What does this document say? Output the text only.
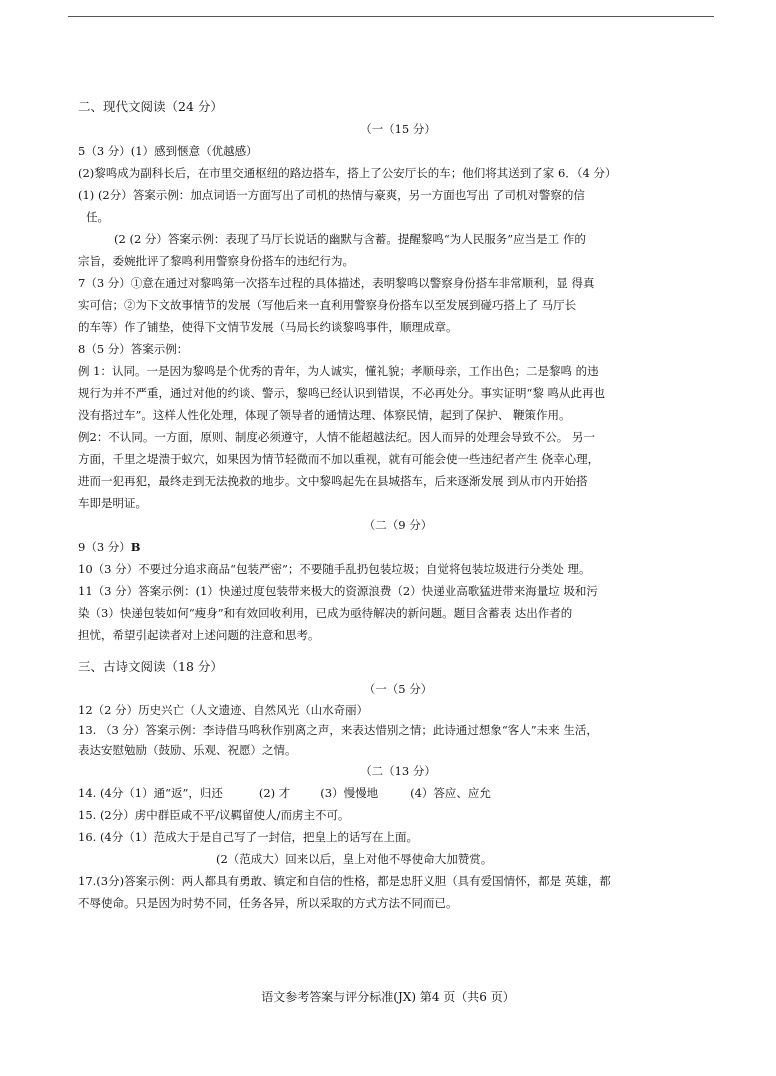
二、现代文阅读（24 分）
（一（15 分）
5（3 分）(1）感到惬意（优越感）
(2)黎鸣成为副科长后，在市里交通枢纽的路边搭车，搭上了公安厅长的车；他们将其送到了家 6．（4 分）
(1) (2分）答案示例：加点词语一方面写出了司机的热情与豪爽，另一方面也写出 了司机对警察的信
任。
(2 (2 分）答案示例：表现了马厅长说话的幽默与含蓄。提醒黎鸣“为人民服务”应当是工 作的
宗旨，委婉批评了黎鸣利用警察身份搭车的违纪行为。
7（3 分）①意在通过对黎鸣第一次搭车过程的具体描述，表明黎鸣以警察身份搭车非常顺利，显 得真
实可信；②为下文故事情节的发展（写他后来一直利用警察身份搭车以至发展到碰巧搭上了 马厅长
的车等）作了铺垫，使得下文情节发展（马局长约谈黎鸣事件，顺理成章。
8（5 分）答案示例：
例 1：认同。一是因为黎鸣是个优秀的青年，为人诚实，懂礼貌；孝顺母亲，工作出色；二是黎鸣 的违
规行为并不严重，通过对他的约谈、警示，黎鸣已经认识到错误，不必再处分。事实证明“黎 鸣从此再也
没有搭过车”。这样人性化处理，体现了领导者的通情达理、体察民情，起到了保护、 鞭策作用。
例2：不认同。一方面，原则、制度必须遵守，人情不能超越法纪。因人而异的处理会导致不公。 另一
方面，千里之堤溃于蚁穴，如果因为情节轻微而不加以重视，就有可能会使一些违纪者产生 侥幸心理，
进而一犯再犯，最终走到无法挽救的地步。文中黎鸣起先在县城搭车，后来逐渐发展 到从市内开始搭
车即是明证。
（二（9 分）
9（3 分）B
10（3 分）不要过分追求商品“包装严密”；不要随手乱扔包装垃圾；自觉将包装垃圾进行分类处 理。
11（3 分）答案示例：(1）快递过度包装带来极大的资源浪费（2）快递业高歌猛进带来海量垃 圾和污
染（3）快递包装如何“瘦身”和有效回收利用，已成为亟待解决的新问题。题目含蓄表 达出作者的
担忧，希望引起读者对上述问题的注意和思考。
三、古诗文阅读（18 分）
（一（5 分）
12（2 分）历史兴亡（人文遗迹、自然风光（山水奇丽）
13. （3 分）答案示例：李诗借马鸣秋作别离之声，来表达惜别之情；此诗通过想象“客人”未来 生活，
表达安慰勉励（鼓励、乐观、祝愿）之情。
（二（13 分）
14. (4分（1）通“返”，归还	(2) 才	(3）慢慢地	(4）答应、应允
15. (2分）虏中群臣咸不平/议羁留使人/而虏主不可。
16. (4分（1）范成大于是自己写了一封信，把皇上的话写在上面。
(2（范成大）回来以后，皇上对他不辱使命大加赞赏。
17.(3分)答案示例：两人都具有勇敢、镇定和自信的性格，都是忠肝义胆（具有爱国情怀，都是 英雄，都
不辱使命。只是因为时势不同，任务各异，所以采取的方式方法不同而已。
语文参考答案与评分标准(JX) 第4 页（共6 页）
